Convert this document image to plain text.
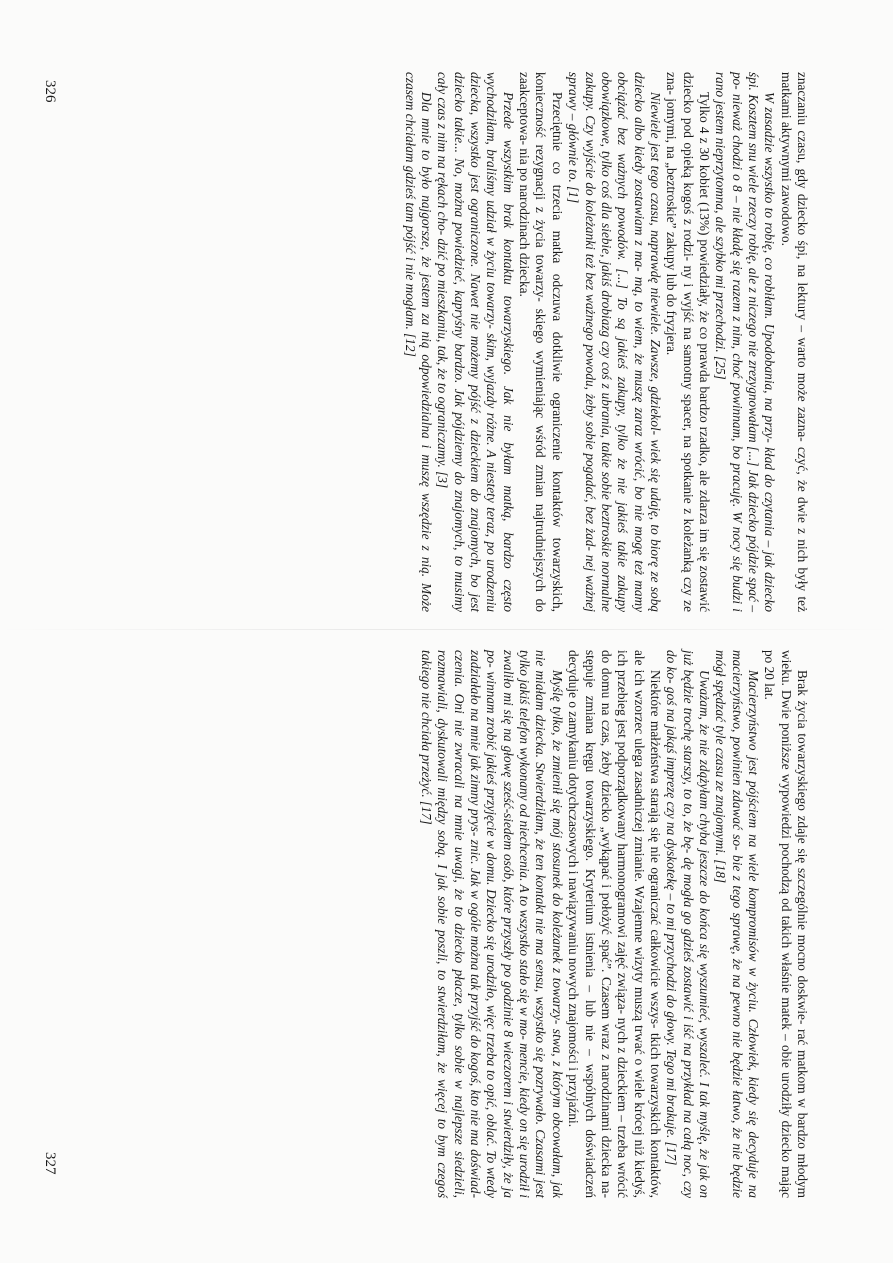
znaczaniu czasu, gdy dziecko śpi, na lektury – warto może zazna- czyć, że dwie z nich były też matkami aktywnymi zawodowo.

W zasadzie wszystko to robię, co robiłam. Upodobania, na przy- kład do czytania – jak dziecko śpi. Kosztem snu wiele rzeczy robię, ale z niczego nie zrezygnowałam [...] Jak dziecko pójdzie spać – po- nieważ chodzi o 8 – nie kładę się razem z nim, choć powinnam, bo pracuję. W nocy się budzi i rano jestem nieprzytomna, ale szybko mi przechodzi. [25]

Tylko 4 z 30 kobiet (13%) powiedziały, że co prawda bardzo rzadko, ale zdarza im się zostawić dziecko pod opieką kogoś z rodzi- ny i wyjść na samotny spacer, na spotkanie z koleżanką czy ze zna- jomymi, na „beztroskie” zakupy lub do fryzjera.

Niewiele jest tego czasu, naprawdę niewiele. Zawsze, gdziekol- wiek się udaję, to biorę ze sobą dziecko albo kiedy zostawiam z ma- mą, to wiem, że muszę zaraz wrócić, bo nie mogę też mamy obciążać bez ważnych powodów. [...] To są jakieś zakupy, tylko że nie jakieś takie zakupy obowiązkowe, tylko coś dla siebie, jakiś drobiazg czy coś z ubrania, takie sobie beztroskie normalne zakupy. Czy wyjście do koleżanki też bez ważnego powodu, żeby sobie pogadać, bez żad- nej ważnej sprawy – głównie to. [1]

Przeciętnie co trzecia matka odczuwa dotkliwie ograniczenie kontaktów towarzyskich, konieczność rezygnacji z życia towarzy- skiego wymieniając wśród zmian najtrudniejszych do zaakceptowa- nia po narodzinach dziecka.

Przede wszystkim brak kontaktu towarzyskiego. Jak nie byłam matką, bardzo często wychodziłam, braliśmy udział w życiu towarzy- skim, wyjazdy różne. A niestety teraz, po urodzeniu dziecka, wszystko jest ograniczone. Nawet nie możemy pójść z dzieckiem do znajomych, bo jest dziecko takie... No, można powiedzieć, kapryśny bardzo. Jak pójdziemy do znajomych, to musimy cały czas z nim na rękach cho- dzić po mieszkaniu, tak, że to ograniczamy. [3]

Dla mnie to było najgorsze, że jestem za nią odpowiedzialna i muszę wszędzie z nią. Może czasem chciałam gdzieś tam pójść i nie mogłam. [12]

326

Brak życia towarzyskiego zdaje się szczególnie mocno doskwie- rać matkom w bardzo młodym wieku. Dwie poniższe wypowiedzi pochodzą od takich właśnie matek – obie urodziły dziecko mając po 20 lat.

Macierzyństwo jest pójściem na wiele kompromisów w życiu. Człowiek, kiedy się decyduje na macierzyństwo, powinien zdawać so- bie z tego sprawę, że na pewno nie będzie łatwo, że nie będzie mógł spędzać tyle czasu ze znajomymi. [18]

Uważam, że nie zdążyłam chyba jeszcze do końca się wyszumieć, wyszaleć. I tak myślę, że jak on już będzie trochę starszy, to to, że bę- dę mogła go gdzieś zostawić i iść na przykład na całą noc, czy do ko- goś na jakąś imprezę czy na dyskotekę – to mi przychodzi do głowy. Tego mi brakuje. [17]

Niektóre małżeństwa starają się nie ograniczać całkowicie wszys- tkich towarzyskich kontaktów, ale ich wzorzec ulega zasadniczej zmianie. Wzajemne wizyty muszą trwać o wiele krócej niż kiedyś, ich przebieg jest podporządkowany harmonogramowi zajęć związa- nych z dzieckiem – trzeba wrócić do domu na czas, żeby dziecko „wykąpać i położyć spać”. Czasem wraz z narodzinami dziecka na- stępuje zmiana kręgu towarzyskiego. Kryterium istnienia – lub nie – wspólnych doświadczeń decyduje o zamykaniu dotychczasowych i nawiązywaniu nowych znajomości i przyjaźni.

Myślę tylko, że zmienił się mój stosunek do koleżanek z towarzy- stwa, z którym obcowałam, jak nie miałam dziecka. Stwierdziłam, że ten kontakt nie ma sensu, wszystko się pozrywało. Czasami jest tylko jakiś telefon wykonany od niechcenia. A to wszystko stało się w mo- mencie, kiedy on się urodził i zwaliło mi się na głowę sześć-siedem osób, które przyszły po godzinie 8 wieczorem i stwierdziły, że ja po- winnam zrobić jakieś przyjęcie w domu. Dziecko się urodziło, więc trzeba to opić, oblać. To wtedy zadziałało na mnie jak zimny prys- znic. Jak w ogóle można tak przyjść do kogoś, kto nie ma doświad- czenia. Oni nie zwracali na mnie uwagi, że to dziecko płacze, tylko sobie w najlepsze siedzieli, rozmawiali, dyskutowali między sobą. I jak sobie poszli, to stwierdziłam, że więcej to bym czegoś takiego nie chciała przeżyć. [17]

327
